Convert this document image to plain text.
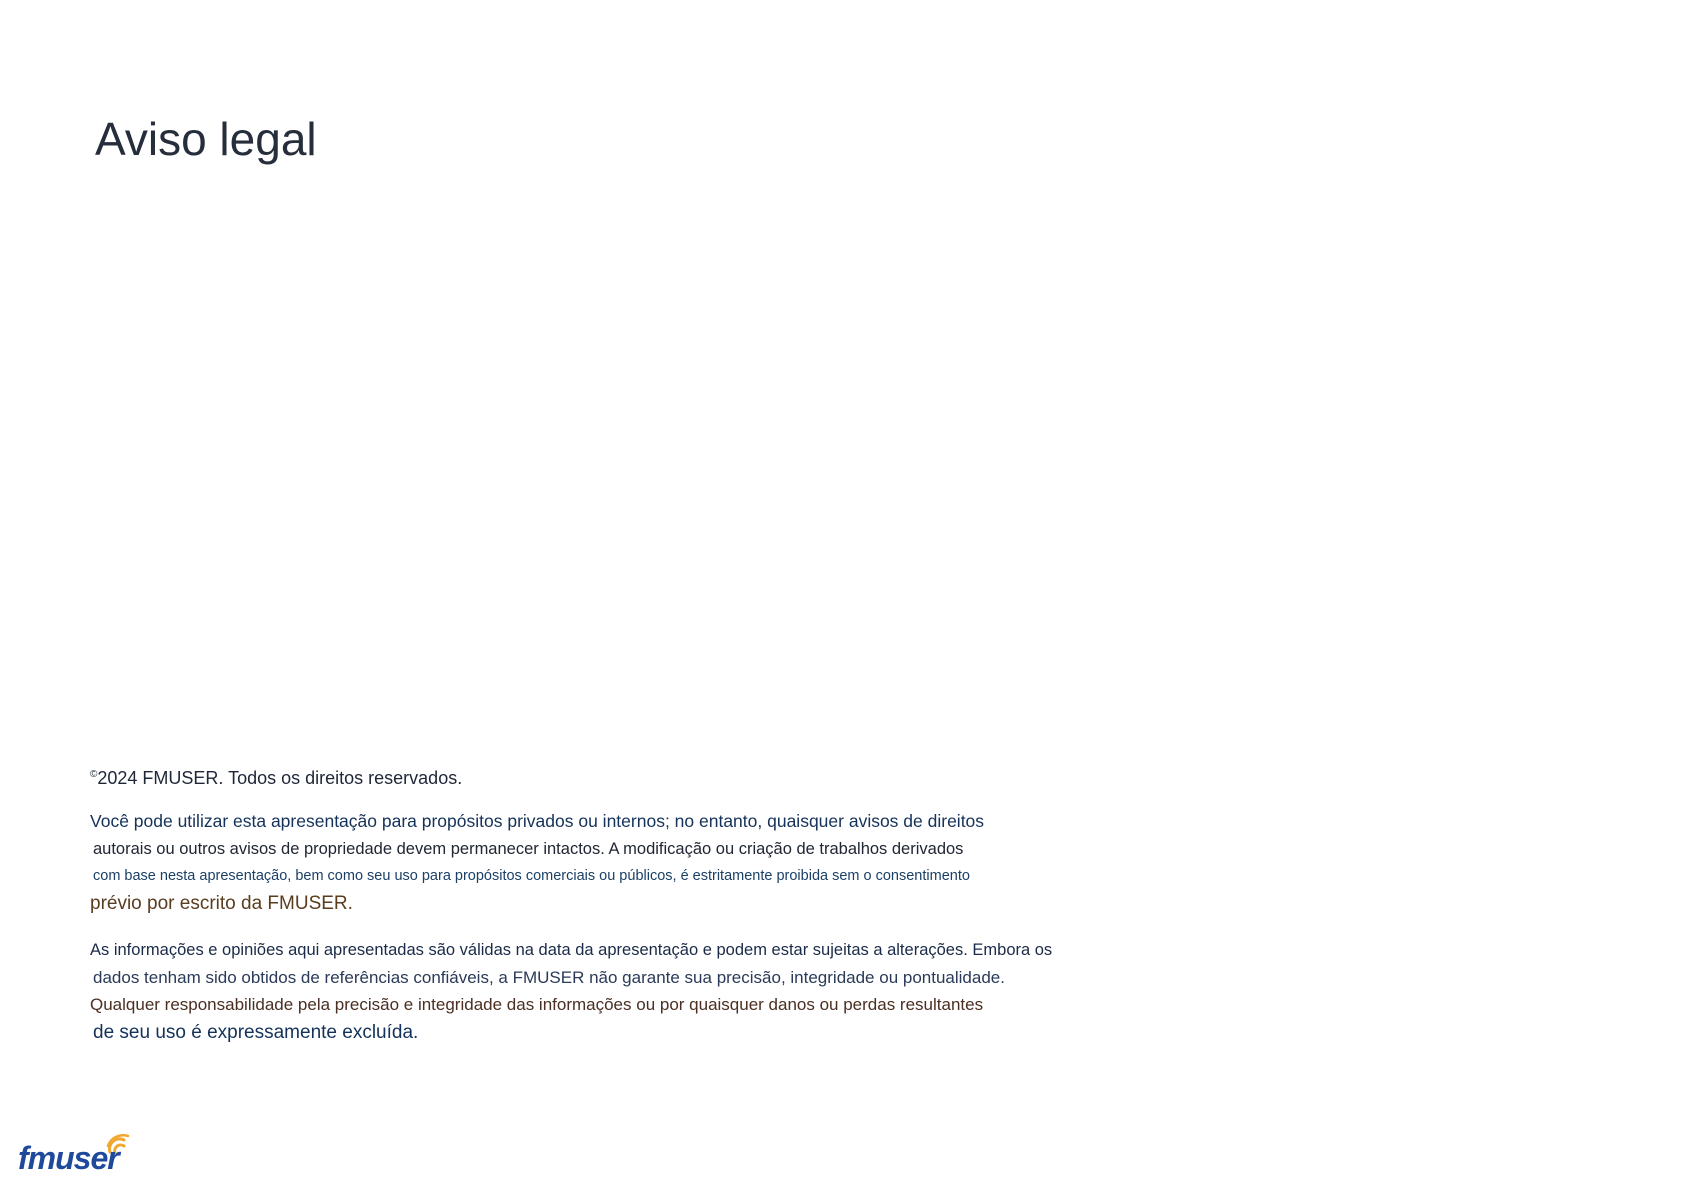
Aviso legal
©2024 FMUSER. Todos os direitos reservados.
Você pode utilizar esta apresentação para propósitos privados ou internos; no entanto, quaisquer avisos de direitos
autorais ou outros avisos de propriedade devem permanecer intactos. A modificação ou criação de trabalhos derivados
com base nesta apresentação, bem como seu uso para propósitos comerciais ou públicos, é estritamente proibida sem o consentimento
prévio por escrito da FMUSER.
As informações e opiniões aqui apresentadas são válidas na data da apresentação e podem estar sujeitas a alterações. Embora os
dados tenham sido obtidos de referências confiáveis, a FMUSER não garante sua precisão, integridade ou pontualidade.
Qualquer responsabilidade pela precisão e integridade das informações ou por quaisquer danos ou perdas resultantes
de seu uso é expressamente excluída.
fmuser
